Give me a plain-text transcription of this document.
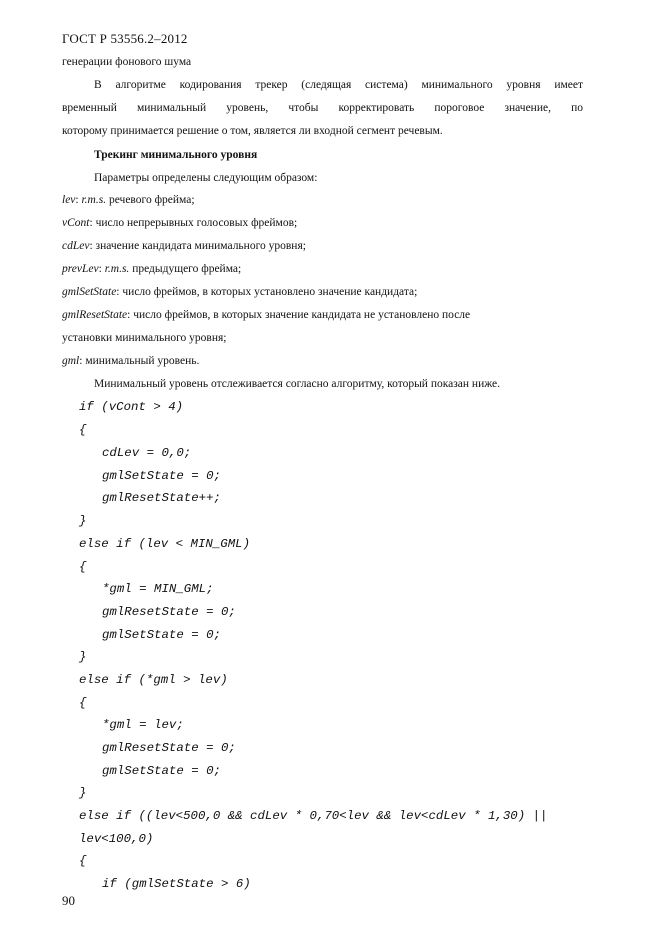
ГОСТ Р 53556.2–2012
генерации фонового шума
В алгоритме кодирования трекер (следящая система) минимального уровня имеет
временный минимальный уровень, чтобы корректировать пороговое значение, по
которому принимается решение о том, является ли входной сегмент речевым.
Трекинг минимального уровня
Параметры определены следующим образом:
lev: r.m.s. речевого фрейма;
vCont: число непрерывных голосовых фреймов;
cdLev: значение кандидата минимального уровня;
prevLev: r.m.s. предыдущего фрейма;
gmlSetState: число фреймов, в которых установлено значение кандидата;
gmlResetState: число фреймов, в которых значение кандидата не установлено после
установки минимального уровня;
gml: минимальный уровень.
Минимальный уровень отслеживается согласно алгоритму, который показан ниже.
if (vCont > 4)
{
cdLev = 0,0;
gmlSetState = 0;
gmlResetState++;
}
else if (lev < MIN_GML)
{
*gml = MIN_GML;
gmlResetState = 0;
gmlSetState = 0;
}
else if (*gml > lev)
{
*gml = lev;
gmlResetState = 0;
gmlSetState = 0;
}
else if ((lev<500,0 && cdLev * 0,70<lev && lev<cdLev * 1,30) ||
lev<100,0)
{
if (gmlSetState > 6)
90
